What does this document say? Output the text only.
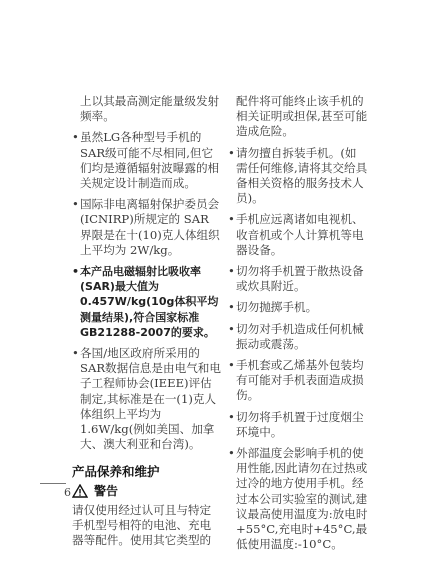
上以其最高测定能量级发射频率。

• 虽然LG各种型号手机的SAR级可能不尽相同,但它们均是遵循辐射波曝露的相关规定设计制造而成。
• 国际非电离辐射保护委员会(ICNIRP)所规定的 SAR 界限是在十(10)克人体组织上平均为 2W/kg。
• 本产品电磁辐射比吸收率(SAR)最大值为0.457W/kg(10g体积平均测量结果),符合国家标准GB21288-2007的要求。
• 各国/地区政府所采用的SAR数据信息是由电气和电子工程师协会(IEEE)评估制定,其标准是在一(1)克人体组织上平均为 1.6W/kg(例如美国、加拿大、澳大利亚和台湾)。
产品保养和维护
警告

请仅使用经过认可且与特定手机型号相符的电池、充电器等配件。使用其它类型的

配件将可能终止该手机的相关证明或担保,甚至可能造成危险。

• 请勿擅自拆装手机。(如需任何维修,请将其交给具备相关资格的服务技术人员)。
• 手机应远离诸如电视机、收音机或个人计算机等电器设备。
• 切勿将手机置于散热设备或炊具附近。
• 切勿抛掷手机。
• 切勿对手机造成任何机械振动或震荡。
• 手机套或乙烯基外包装均有可能对手机表面造成损伤。
• 切勿将手机置于过度烟尘环境中。
• 外部温度会影响手机的使用性能,因此请勿在过热或过冷的地方使用手机。经过本公司实验室的测试,建议最高使用温度为:放电时+55°C,充电时+45°C,最低使用温度:-10°C。
6
